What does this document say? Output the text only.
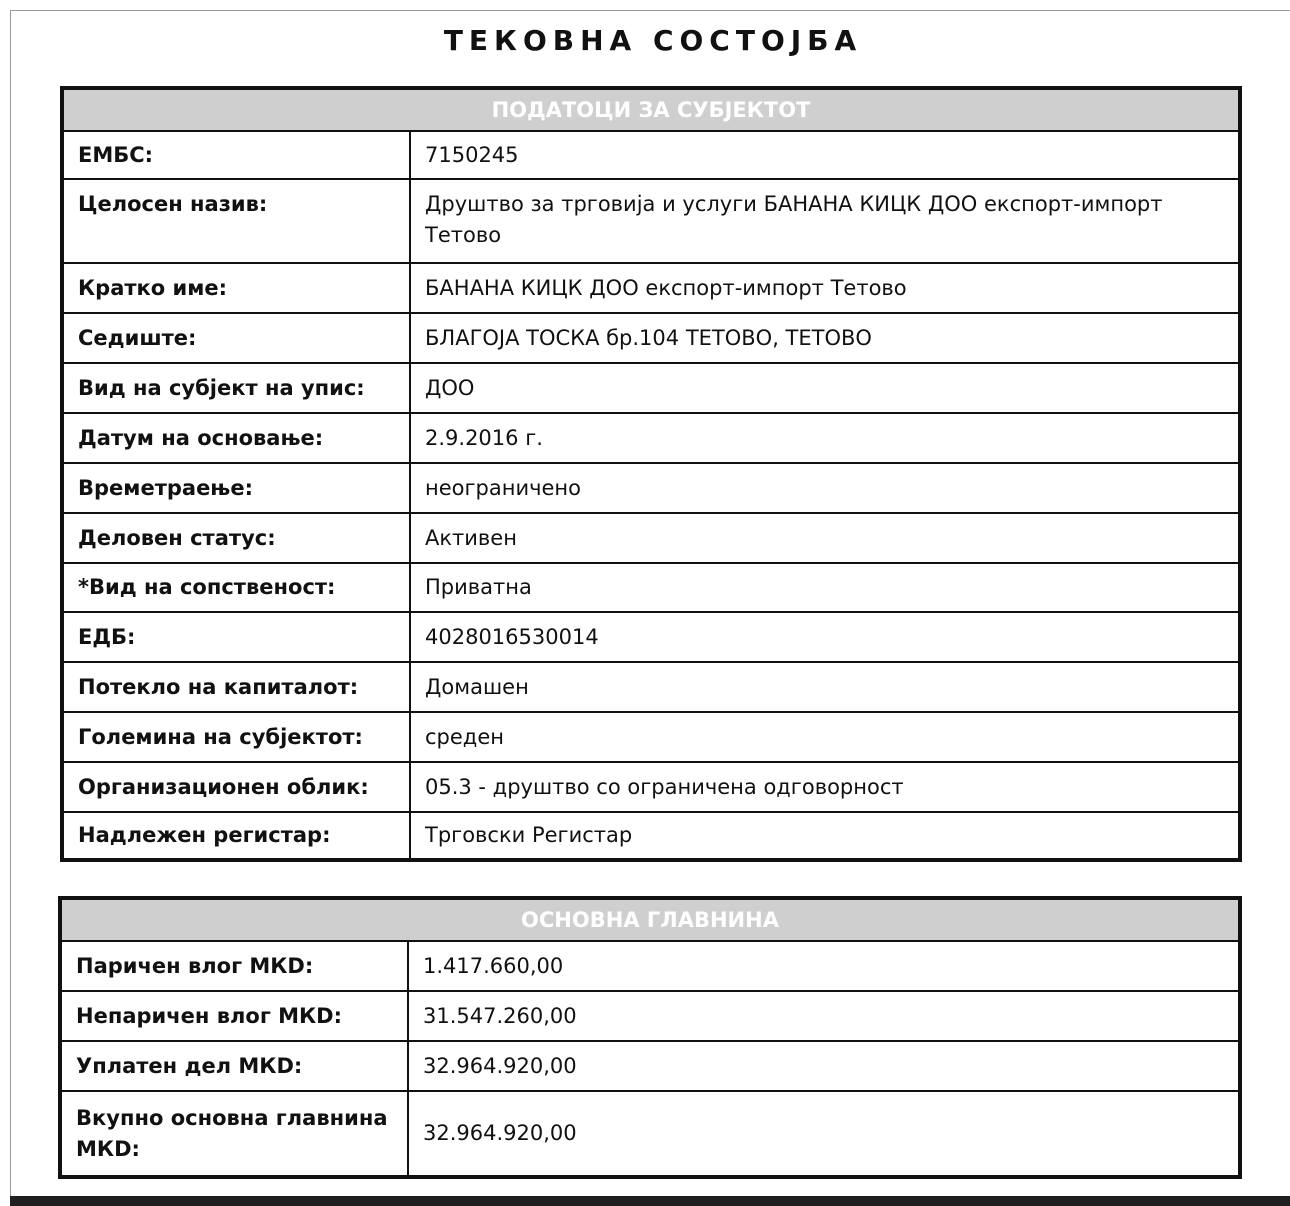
ТЕКОВНА СОСТОЈБА
ПОДАТОЦИ ЗА СУБЈЕКТОТ	
ЕМБС:	7150245
Целосен назив:	Друштво за трговија и услуги БАНАНА КИЦК ДОО експорт-импорт Тетово
Кратко име:	БАНАНА КИЦК ДОО експорт-импорт Тетово
Седиште:	БЛАГОЈА ТОСКА бр.104 ТЕТОВО, ТЕТОВО
Вид на субјект на упис:	ДОО
Датум на основање:	2.9.2016 г.
Времетраење:	неограничено
Деловен статус:	Активен
*Вид на сопственост:	Приватна
ЕДБ:	4028016530014
Потекло на капиталот:	Домашен
Големина на субјектот:	среден
Организационен облик:	05.3 - друштво со ограничена одговорност
Надлежен регистар:	Трговски Регистар
ОСНОВНА ГЛАВНИНА	
Паричен влог МКD:	1.417.660,00
Непаричен влог МКD:	31.547.260,00
Уплатен дел МКD:	32.964.920,00
Вкупно основна главнина МКD:	32.964.920,00
